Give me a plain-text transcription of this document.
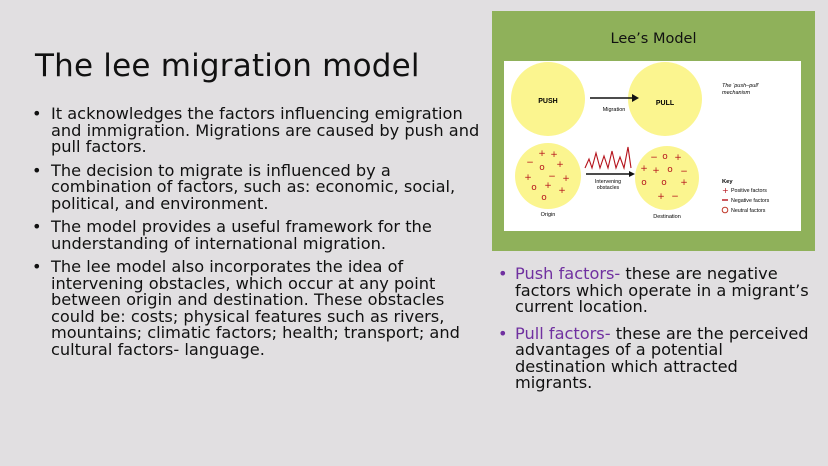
The lee migration model
• It acknowledges the factors influencing emigration and immigration. Migrations are caused by push and pull factors.
• The decision to migrate is influenced by a combination of factors, such as: economic, social, political, and environment.
• The model provides a useful framework for the understanding of international migration.
• The lee model also incorporates the idea of intervening obstacles, which occur at any point between origin and destination. These obstacles could be: costs; physical features such as rivers, mountains; climatic factors; health; transport; and cultural factors- language.
Lee’s Model
PUSH	PULL
Migration
The ‘push–pull’
mechanism
+ +
− o +
+ − +
o + +
o
− o +
+ + o −
o o +
+ −
Intervening
obstacles
Origin	Destination
Key
+ Positive factors
Negative factors
Neutral factors
• Push factors- these are negative factors which operate in a migrant’s current location.
• Pull factors- these are the perceived advantages of a potential destination which attracted migrants.
